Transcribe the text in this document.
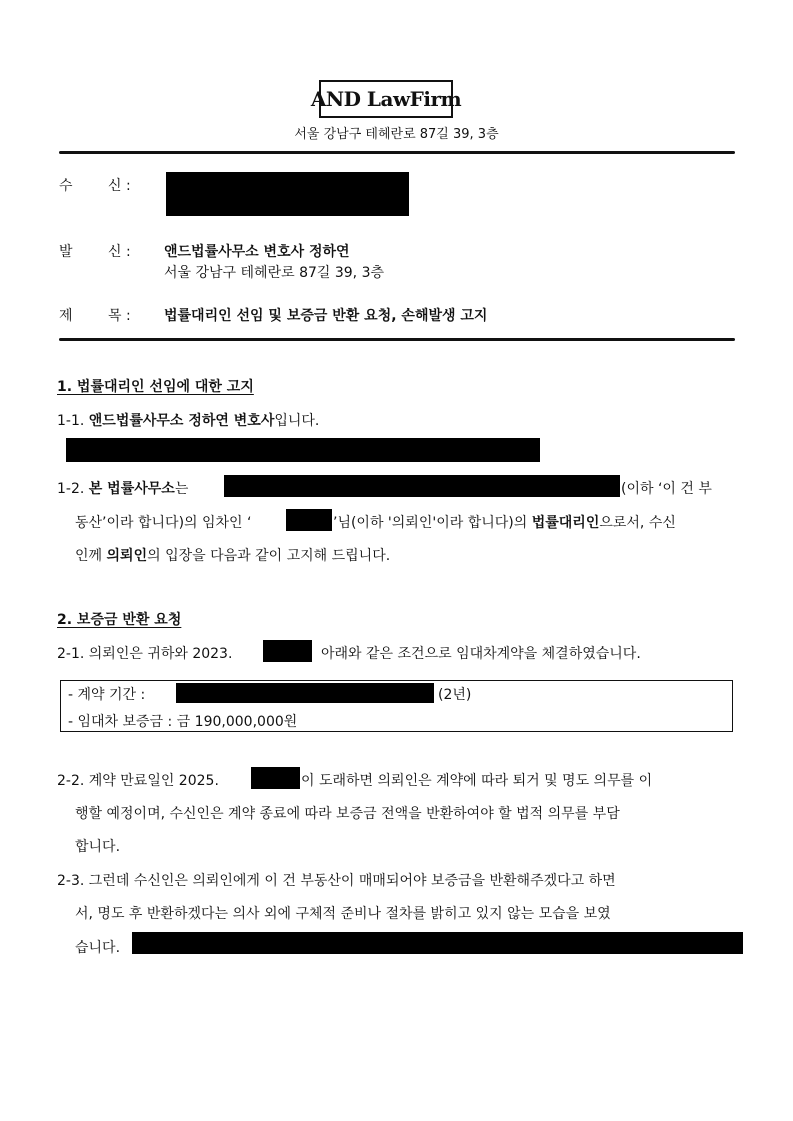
AND LawFirm
서울 강남구 테헤란로 87길 39, 3층
수	신 :
발	신 : 앤드법률사무소 변호사 정하연
서울 강남구 테헤란로 87길 39, 3층
제	목 : 법률대리인 선임 및 보증금 반환 요청, 손해발생 고지
1. 법률대리인 선임에 대한 고지
1-1. 앤드법률사무소 정하연 변호사입니다.
1-2. 본 법률사무소는	(이하 ‘이 건 부
동산’이라 합니다)의 임차인 ‘	’님(이하 '의뢰인'이라 합니다)의 법률대리인으로서, 수신
인께 의뢰인의 입장을 다음과 같이 고지해 드립니다.
2. 보증금 반환 요청
2-1. 의뢰인은 귀하와 2023.	아래와 같은 조건으로 임대차계약을 체결하였습니다.
- 계약 기간 :	(2년)
- 임대차 보증금 : 금 190,000,000원
2-2. 계약 만료일인 2025.	이 도래하면 의뢰인은 계약에 따라 퇴거 및 명도 의무를 이
행할 예정이며, 수신인은 계약 종료에 따라 보증금 전액을 반환하여야 할 법적 의무를 부담
합니다.
2-3. 그런데 수신인은 의뢰인에게 이 건 부동산이 매매되어야 보증금을 반환해주겠다고 하면
서, 명도 후 반환하겠다는 의사 외에 구체적 준비나 절차를 밝히고 있지 않는 모습을 보였
습니다.
